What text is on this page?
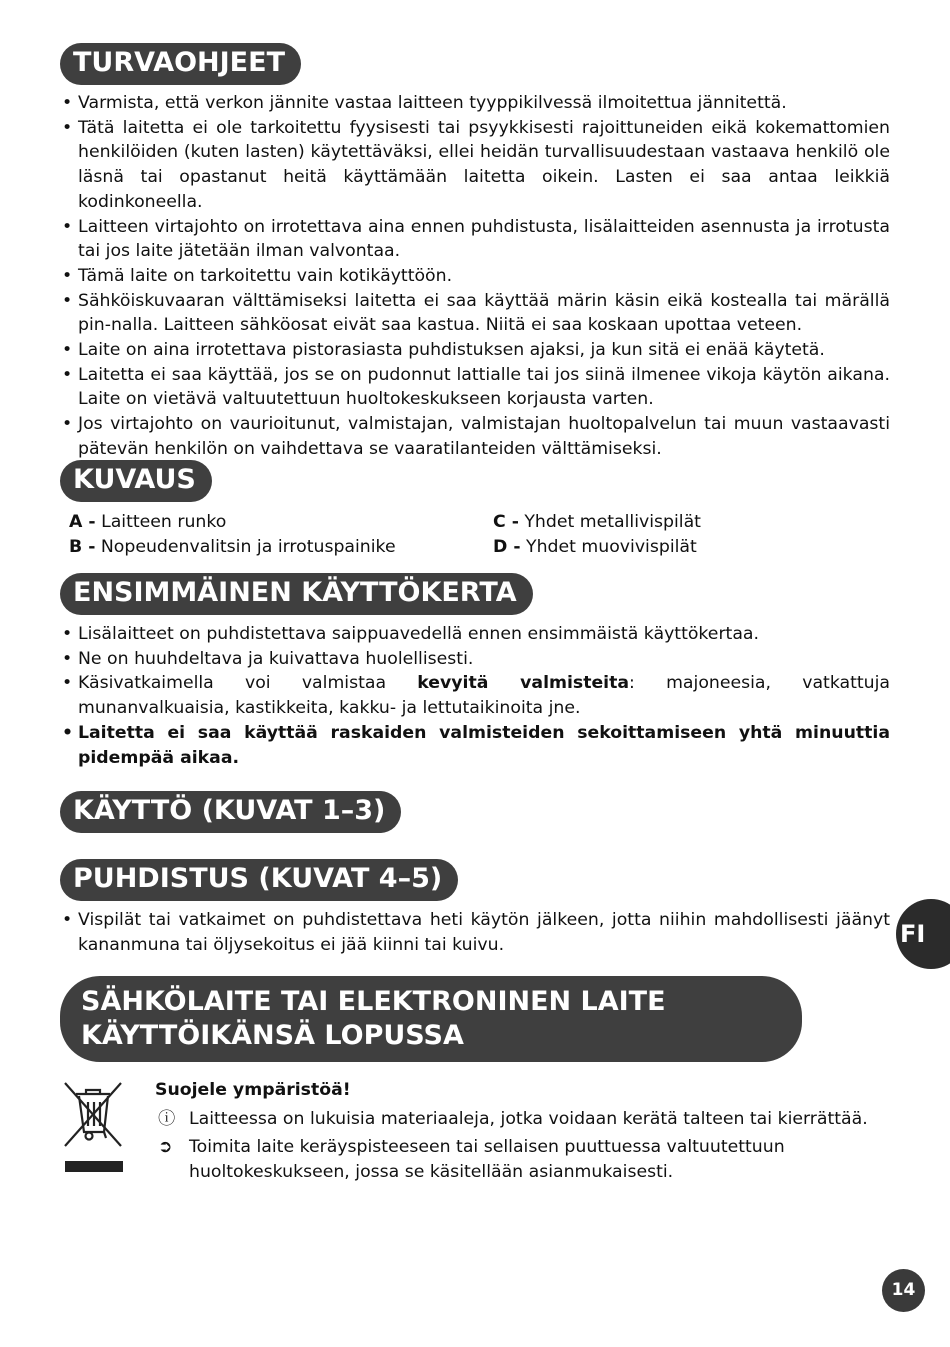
TURVAOHJEET
• Varmista, että verkon jännite vastaa laitteen tyyppikilvessä ilmoitettua jännitettä.
• Tätä laitetta ei ole tarkoitettu fyysisesti tai psyykkisesti rajoittuneiden eikä kokemattomien henkilöiden (kuten lasten) käytettäväksi, ellei heidän turvallisuudestaan vastaava henkilö ole läsnä tai opastanut heitä käyttämään laitetta oikein. Lasten ei saa antaa leikkiä kodinkoneella.
• Laitteen virtajohto on irrotettava aina ennen puhdistusta, lisälaitteiden asennusta ja irrotusta tai jos laite jätetään ilman valvontaa.
• Tämä laite on tarkoitettu vain kotikäyttöön.
• Sähköiskuvaaran välttämiseksi laitetta ei saa käyttää märin käsin eikä kostealla tai märällä pin-nalla. Laitteen sähköosat eivät saa kastua. Niitä ei saa koskaan upottaa veteen.
• Laite on aina irrotettava pistorasiasta puhdistuksen ajaksi, ja kun sitä ei enää käytetä.
• Laitetta ei saa käyttää, jos se on pudonnut lattialle tai jos siinä ilmenee vikoja käytön aikana. Laite on vietävä valtuutettuun huoltokeskukseen korjausta varten.
• Jos virtajohto on vaurioitunut, valmistajan, valmistajan huoltopalvelun tai muun vastaavasti pätevän henkilön on vaihdettava se vaaratilanteiden välttämiseksi.
KUVAUS
A - Laitteen runko
B - Nopeudenvalitsin ja irrotuspainike
C - Yhdet metallivispilät
D - Yhdet muovivispilät
ENSIMMÄINEN KÄYTTÖKERTA
• Lisälaitteet on puhdistettava saippuavedellä ennen ensimmäistä käyttökertaa.
• Ne on huuhdeltava ja kuivattava huolellisesti.
• Käsivatkaimella voi valmistaa kevyitä valmisteita: majoneesia, vatkattuja munanvalkuaisia, kastikkeita, kakku- ja lettutaikinoita jne.
• Laitetta ei saa käyttää raskaiden valmisteiden sekoittamiseen yhtä minuuttia pidempää aikaa.
KÄYTTÖ (KUVAT 1–3)
PUHDISTUS (KUVAT 4–5)
• Vispilät tai vatkaimet on puhdistettava heti käytön jälkeen, jotta niihin mahdollisesti jäänyt kananmuna tai öljysekoitus ei jää kiinni tai kuivu.	FI
SÄHKÖLAITE TAI ELEKTRONINEN LAITE KÄYTTÖIKÄNSÄ LOPUSSA
Suojele ympäristöä!
ⓘ Laitteessa on lukuisia materiaaleja, jotka voidaan kerätä talteen tai kierrättää.
➲ Toimita laite keräyspisteeseen tai sellaisen puuttuessa valtuutettuun huoltokeskukseen, jossa se käsitellään asianmukaisesti.
14
